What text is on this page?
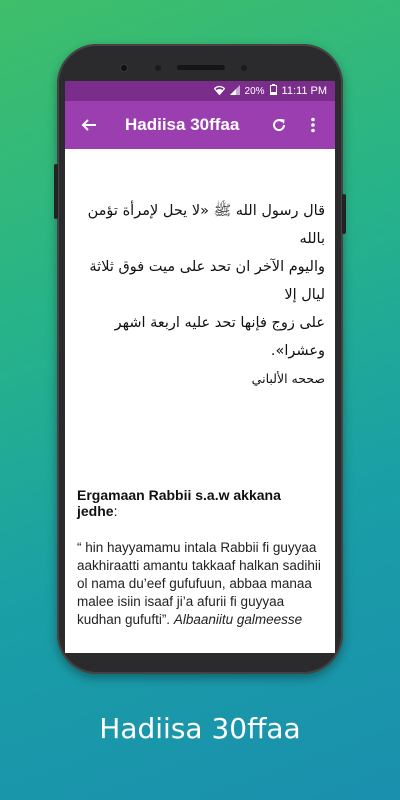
20% 11:11 PM
Hadiisa 30ffaa
قال رسول الله ﷺ «لا يحل لإمرأة تؤمن بالله
واليوم الآخر ان تحد على ميت فوق ثلاثة ليال إلا
على زوج فإنها تحد عليه اربعة اشهر وعشرا».
صححه الألباني
Ergamaan Rabbii s.a.w akkana jedhe:
“ hin hayyamamu intala Rabbii fi guyyaa aakhiraatti amantu takkaaf halkan sadihii ol nama du’eef gufufuun, abbaa manaa malee isiin isaaf ji’a afurii fi guyyaa kudhan gufufti”. Albaaniitu galmeesse
Hadiisa 30ffaa
